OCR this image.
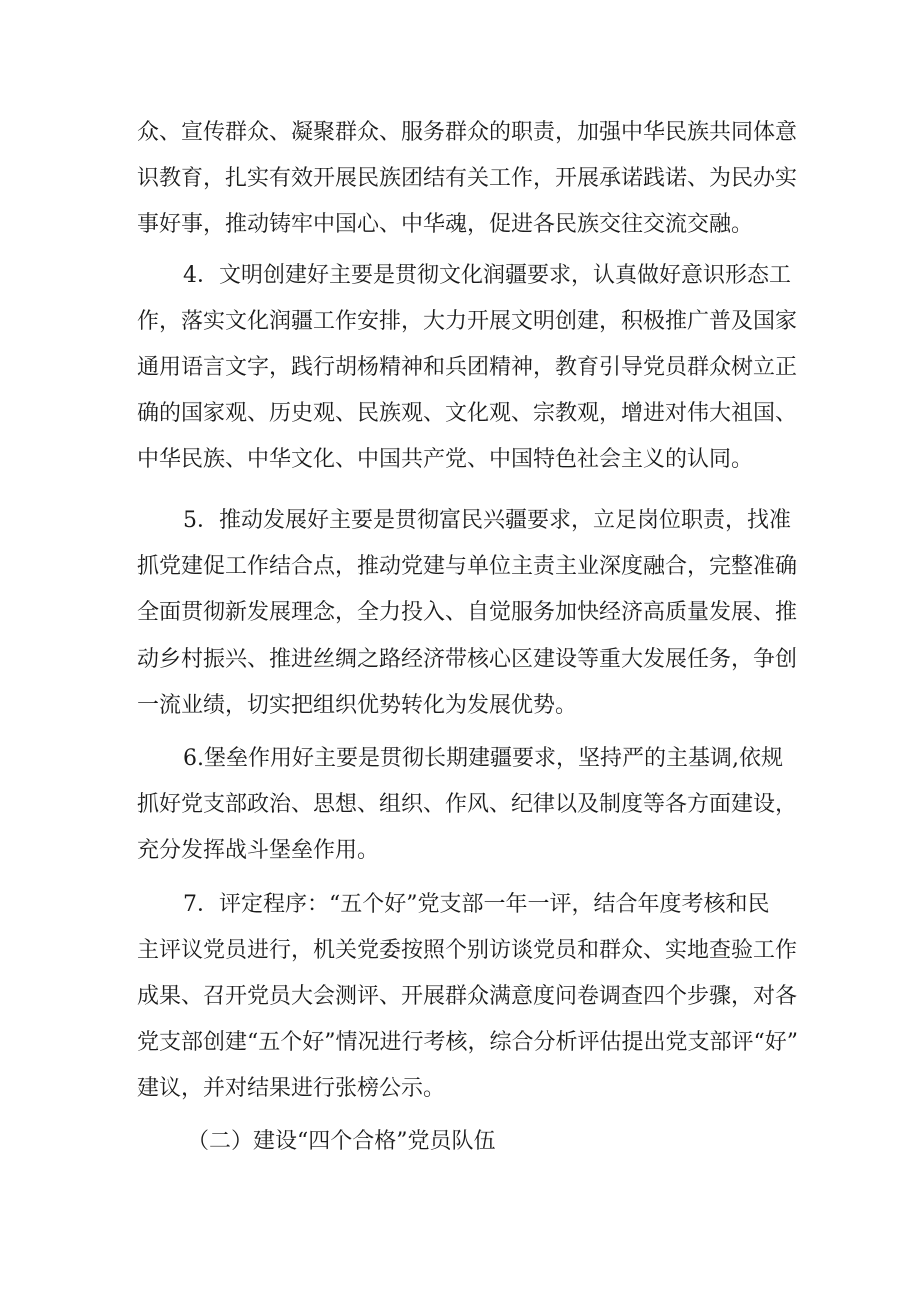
众、宣传群众、凝聚群众、服务群众的职责，加强中华民族共同体意
识教育，扎实有效开展民族团结有关工作，开展承诺践诺、为民办实
事好事，推动铸牢中国心、中华魂，促进各民族交往交流交融。
4．文明创建好主要是贯彻文化润疆要求，认真做好意识形态工
作，落实文化润疆工作安排，大力开展文明创建，积极推广普及国家
通用语言文字，践行胡杨精神和兵团精神，教育引导党员群众树立正
确的国家观、历史观、民族观、文化观、宗教观，增进对伟大祖国、
中华民族、中华文化、中国共产党、中国特色社会主义的认同。
5．推动发展好主要是贯彻富民兴疆要求，立足岗位职责，找准
抓党建促工作结合点，推动党建与单位主责主业深度融合，完整准确
全面贯彻新发展理念，全力投入、自觉服务加快经济高质量发展、推
动乡村振兴、推进丝绸之路经济带核心区建设等重大发展任务，争创
一流业绩，切实把组织优势转化为发展优势。
6.堡垒作用好主要是贯彻长期建疆要求，坚持严的主基调,依规
抓好党支部政治、思想、组织、作风、纪律以及制度等各方面建设，
充分发挥战斗堡垒作用。
7．评定程序：“五个好”党支部一年一评，结合年度考核和民
主评议党员进行，机关党委按照个别访谈党员和群众、实地查验工作
成果、召开党员大会测评、开展群众满意度问卷调查四个步骤，对各
党支部创建“五个好”情况进行考核，综合分析评估提出党支部评“好”
建议，并对结果进行张榜公示。
（二）建设“四个合格”党员队伍
